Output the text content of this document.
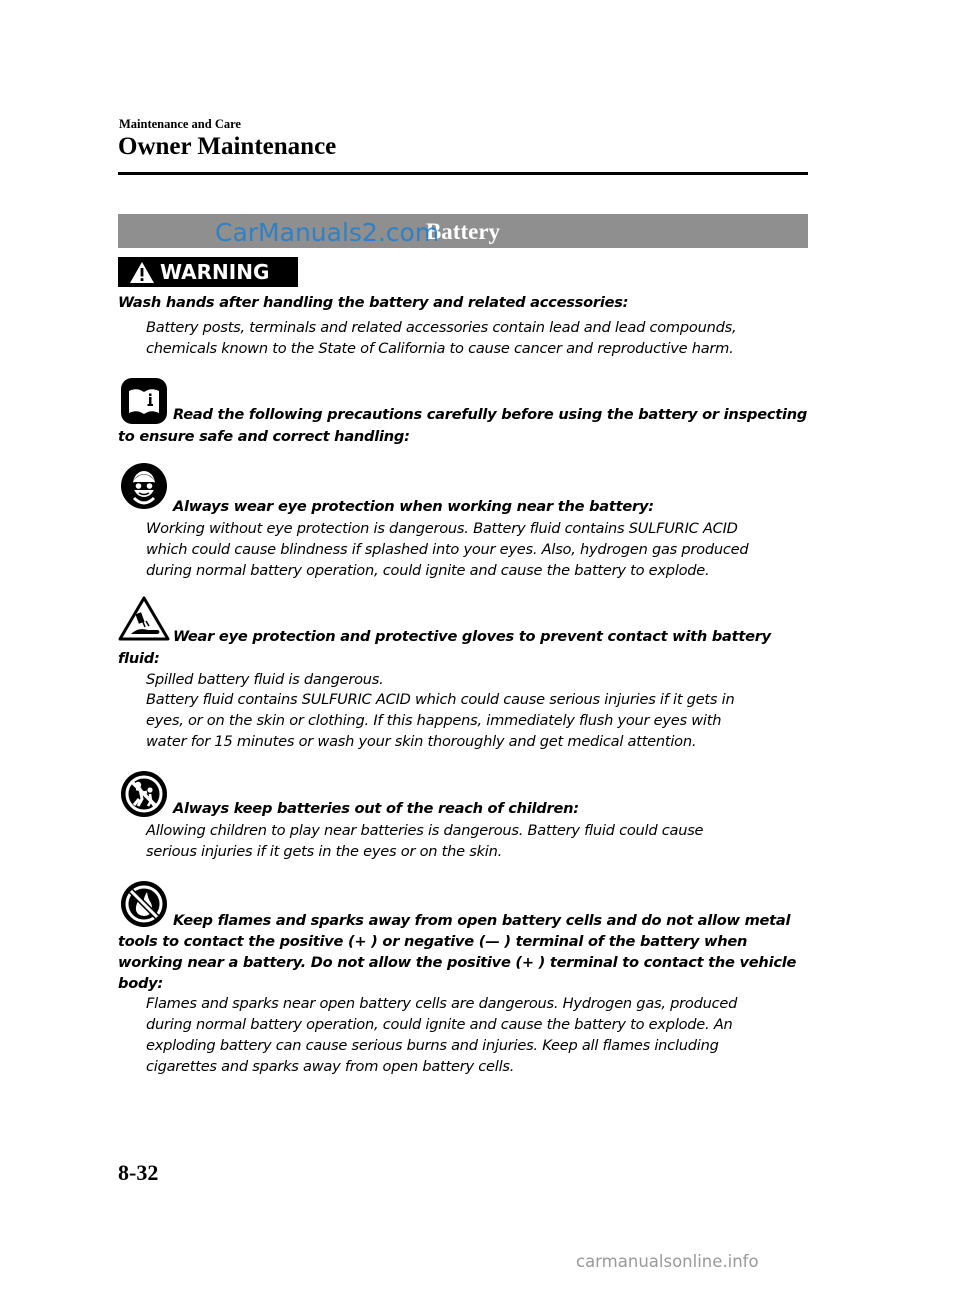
Maintenance and Care
Owner Maintenance
Battery
CarManuals2.com
WARNING
Wash hands after handling the battery and related accessories:
Battery posts, terminals and related accessories contain lead and lead compounds,
chemicals known to the State of California to cause cancer and reproductive harm.
Read the following precautions carefully before using the battery or inspecting
to ensure safe and correct handling:
Always wear eye protection when working near the battery:
Working without eye protection is dangerous. Battery fluid contains SULFURIC ACID
which could cause blindness if splashed into your eyes. Also, hydrogen gas produced
during normal battery operation, could ignite and cause the battery to explode.
Wear eye protection and protective gloves to prevent contact with battery
fluid:
Spilled battery fluid is dangerous.
Battery fluid contains SULFURIC ACID which could cause serious injuries if it gets in
eyes, or on the skin or clothing. If this happens, immediately flush your eyes with
water for 15 minutes or wash your skin thoroughly and get medical attention.
Always keep batteries out of the reach of children:
Allowing children to play near batteries is dangerous. Battery fluid could cause
serious injuries if it gets in the eyes or on the skin.
Keep flames and sparks away from open battery cells and do not allow metal
tools to contact the positive (+ ) or negative (— ) terminal of the battery when
working near a battery. Do not allow the positive (+ ) terminal to contact the vehicle
body:
Flames and sparks near open battery cells are dangerous. Hydrogen gas, produced
during normal battery operation, could ignite and cause the battery to explode. An
exploding battery can cause serious burns and injuries. Keep all flames including
cigarettes and sparks away from open battery cells.
8-32
carmanualsonline.info
